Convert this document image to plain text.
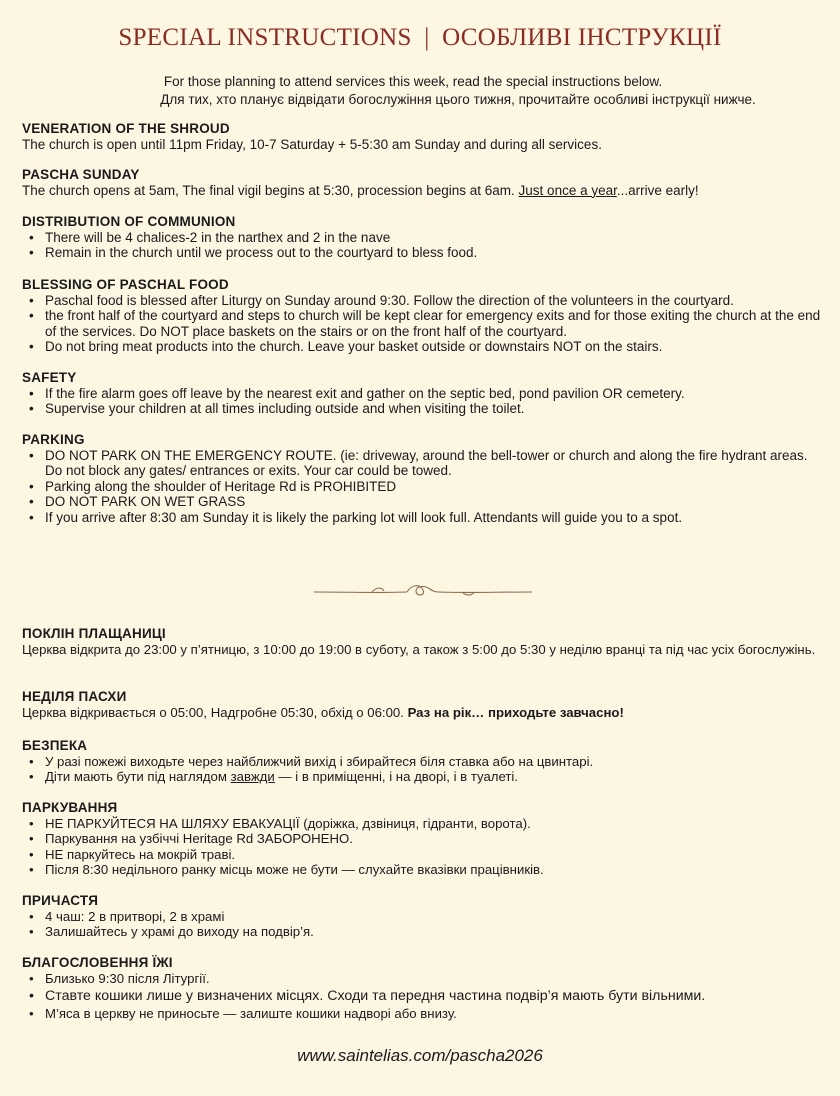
SPECIAL INSTRUCTIONS | ОСОБЛИВІ ІНСТРУКЦІЇ
For those planning to attend services this week, read the special instructions below.
Для тих, хто планує відвідати богослужіння цього тижня, прочитайте особливі інструкції нижче.
VENERATION OF THE SHROUD

The church is open until 11pm Friday, 10-7 Saturday + 5-5:30 am Sunday and during all services.

PASCHA SUNDAY

The church opens at 5am, The final vigil begins at 5:30, procession begins at 6am. Just once a year...arrive early!

DISTRIBUTION OF COMMUNION
• There will be 4 chalices-2 in the narthex and 2 in the nave
• Remain in the church until we process out to the courtyard to bless food.
BLESSING OF PASCHAL FOOD
• Paschal food is blessed after Liturgy on Sunday around 9:30. Follow the direction of the volunteers in the courtyard.
• the front half of the courtyard and steps to church will be kept clear for emergency exits and for those exiting the church at the end of the services. Do NOT place baskets on the stairs or on the front half of the courtyard.
• Do not bring meat products into the church. Leave your basket outside or downstairs NOT on the stairs.
SAFETY
• If the fire alarm goes off leave by the nearest exit and gather on the septic bed, pond pavilion OR cemetery.
• Supervise your children at all times including outside and when visiting the toilet.
PARKING
• DO NOT PARK ON THE EMERGENCY ROUTE. (ie: driveway, around the bell-tower or church and along the fire hydrant areas. Do not block any gates/ entrances or exits. Your car could be towed.
• Parking along the shoulder of Heritage Rd is PROHIBITED
• DO NOT PARK ON WET GRASS
• If you arrive after 8:30 am Sunday it is likely the parking lot will look full. Attendants will guide you to a spot.
ПОКЛІН ПЛАЩАНИЦІ

Церква відкрита до 23:00 у п’ятницю, з 10:00 до 19:00 в суботу, а також з 5:00 до 5:30 у неділю вранці та під час усіх богослужінь.

НЕДІЛЯ ПАСХИ

Церква відкривається о 05:00, Надгробне 05:30, обхід о 06:00. Раз на рік… приходьте завчасно!

БЕЗПЕКА
• У разі пожежі виходьте через найближчий вихід і збирайтеся біля ставка або на цвинтарі.
• Діти мають бути під наглядом завжди — і в приміщенні, і на дворі, і в туалеті.
ПАРКУВАННЯ
• НЕ ПАРКУЙТЕСЯ НА ШЛЯХУ ЕВАКУАЦІЇ (доріжка, дзвіниця, гідранти, ворота).
• Паркування на узбіччі Heritage Rd ЗАБОРОНЕНО.
• НЕ паркуйтесь на мокрій траві.
• Після 8:30 недільного ранку місць може не бути — слухайте вказівки працівників.
ПРИЧАСТЯ
• 4 чаш: 2 в притворі, 2 в храмі
• Залишайтесь у храмі до виходу на подвір’я.
БЛАГОСЛОВЕННЯ ЇЖІ
• Близько 9:30 після Літургії.
• Ставте кошики лише у визначених місцях. Сходи та передня частина подвір’я мають бути вільними.
• М’яса в церкву не приносьте — залиште кошики надворі або внизу.
www.saintelias.com/pascha2026
